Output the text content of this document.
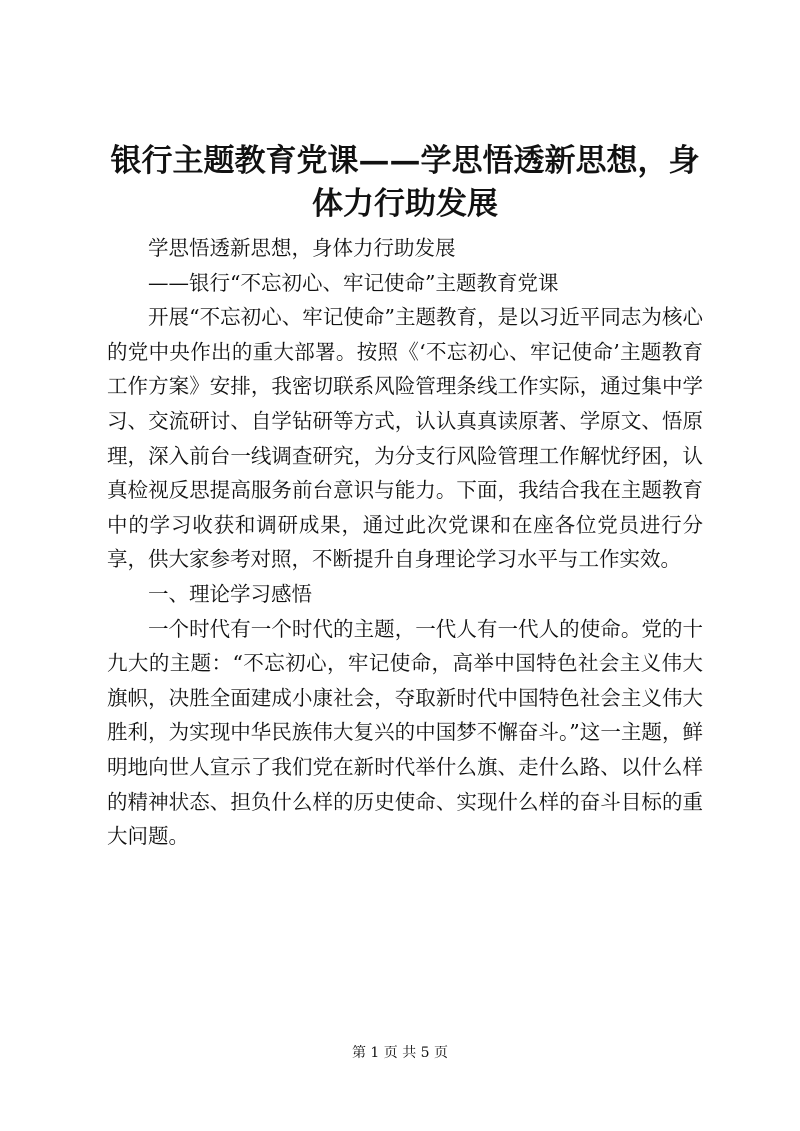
银行主题教育党课——学思悟透新思想，身体力行助发展

学思悟透新思想，身体力行助发展

——银行“不忘初心、牢记使命”主题教育党课

开展“不忘初心、牢记使命”主题教育，是以习近平同志为核心的党中央作出的重大部署。按照《‘不忘初心、牢记使命’主题教育工作方案》安排，我密切联系风险管理条线工作实际，通过集中学习、交流研讨、自学钻研等方式，认认真真读原著、学原文、悟原理，深入前台一线调查研究，为分支行风险管理工作解忧纾困，认真检视反思提高服务前台意识与能力。下面，我结合我在主题教育中的学习收获和调研成果，通过此次党课和在座各位党员进行分享，供大家参考对照，不断提升自身理论学习水平与工作实效。

一、理论学习感悟

一个时代有一个时代的主题，一代人有一代人的使命。党的十九大的主题：“不忘初心，牢记使命，高举中国特色社会主义伟大旗帜，决胜全面建成小康社会，夺取新时代中国特色社会主义伟大胜利，为实现中华民族伟大复兴的中国梦不懈奋斗。”这一主题，鲜明地向世人宣示了我们党在新时代举什么旗、走什么路、以什么样的精神状态、担负什么样的历史使命、实现什么样的奋斗目标的重大问题。

第 1 页 共 5 页
